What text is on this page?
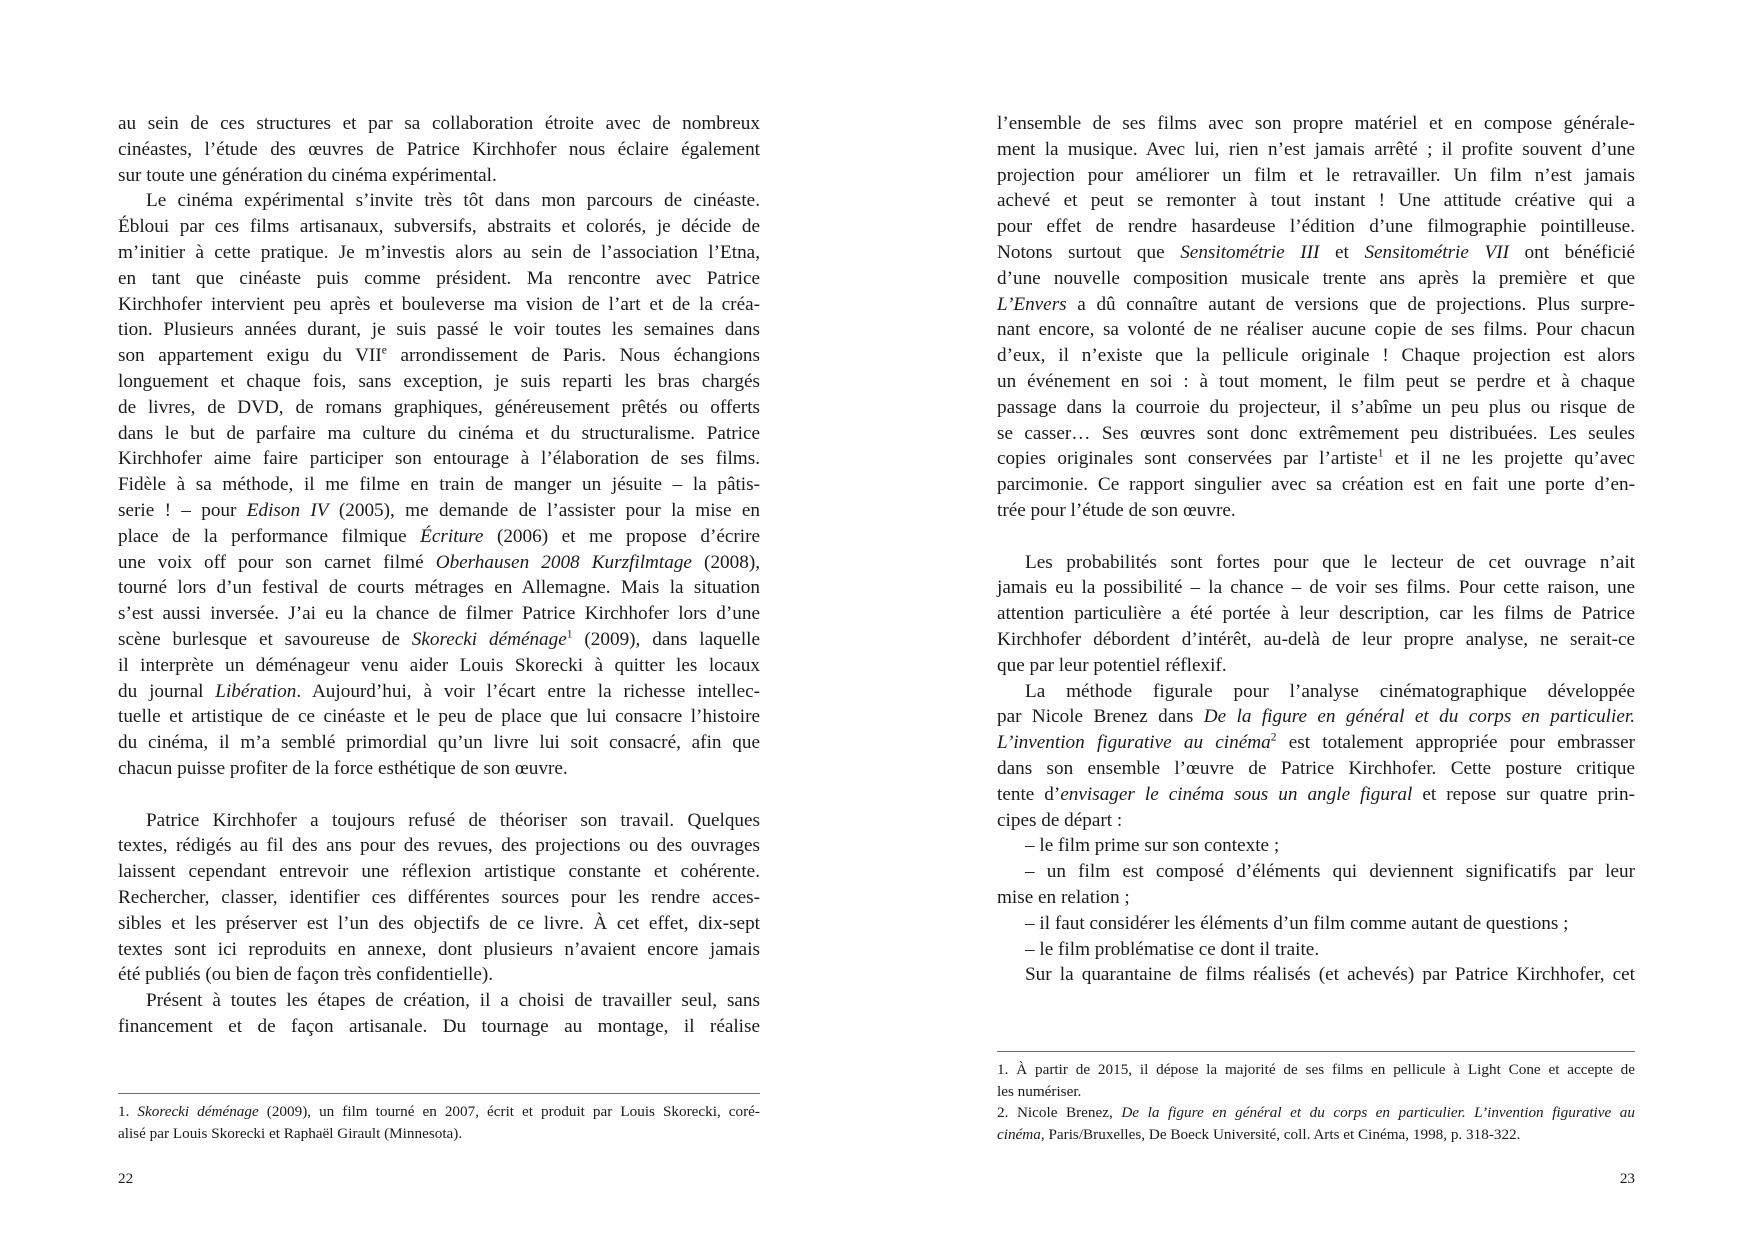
au sein de ces structures et par sa collaboration étroite avec de nombreux
cinéastes, l’étude des œuvres de Patrice Kirchhofer nous éclaire également
sur toute une génération du cinéma expérimental.
Le cinéma expérimental s’invite très tôt dans mon parcours de cinéaste.
Ébloui par ces films artisanaux, subversifs, abstraits et colorés, je décide de
m’initier à cette pratique. Je m’investis alors au sein de l’association l’Etna,
en tant que cinéaste puis comme président. Ma rencontre avec Patrice
Kirchhofer intervient peu après et bouleverse ma vision de l’art et de la créa-
tion. Plusieurs années durant, je suis passé le voir toutes les semaines dans
son appartement exigu du VIIe arrondissement de Paris. Nous échangions
longuement et chaque fois, sans exception, je suis reparti les bras chargés
de livres, de DVD, de romans graphiques, généreusement prêtés ou offerts
dans le but de parfaire ma culture du cinéma et du structuralisme. Patrice
Kirchhofer aime faire participer son entourage à l’élaboration de ses films.
Fidèle à sa méthode, il me filme en train de manger un jésuite – la pâtis-
serie ! – pour Edison IV (2005), me demande de l’assister pour la mise en
place de la performance filmique Écriture (2006) et me propose d’écrire
une voix off pour son carnet filmé Oberhausen 2008 Kurzfilmtage (2008),
tourné lors d’un festival de courts métrages en Allemagne. Mais la situation
s’est aussi inversée. J’ai eu la chance de filmer Patrice Kirchhofer lors d’une
scène burlesque et savoureuse de Skorecki déménage$^1$ (2009), dans laquelle
il interprète un déménageur venu aider Louis Skorecki à quitter les locaux
du journal Libération. Aujourd’hui, à voir l’écart entre la richesse intellec-
tuelle et artistique de ce cinéaste et le peu de place que lui consacre l’histoire
du cinéma, il m’a semblé primordial qu’un livre lui soit consacré, afin que
chacun puisse profiter de la force esthétique de son œuvre.
Patrice Kirchhofer a toujours refusé de théoriser son travail. Quelques
textes, rédigés au fil des ans pour des revues, des projections ou des ouvrages
laissent cependant entrevoir une réflexion artistique constante et cohérente.
Rechercher, classer, identifier ces différentes sources pour les rendre acces-
sibles et les préserver est l’un des objectifs de ce livre. À cet effet, dix-sept
textes sont ici reproduits en annexe, dont plusieurs n’avaient encore jamais
été publiés (ou bien de façon très confidentielle).
Présent à toutes les étapes de création, il a choisi de travailler seul, sans
financement et de façon artisanale. Du tournage au montage, il réalise
1. Skorecki déménage (2009), un film tourné en 2007, écrit et produit par Louis Skorecki, coré-
alisé par Louis Skorecki et Raphaël Girault (Minnesota).
22
l’ensemble de ses films avec son propre matériel et en compose générale-
ment la musique. Avec lui, rien n’est jamais arrêté ; il profite souvent d’une
projection pour améliorer un film et le retravailler. Un film n’est jamais
achevé et peut se remonter à tout instant ! Une attitude créative qui a
pour effet de rendre hasardeuse l’édition d’une filmographie pointilleuse.
Notons surtout que Sensitométrie III et Sensitométrie VII ont bénéficié
d’une nouvelle composition musicale trente ans après la première et que
L’Envers a dû connaître autant de versions que de projections. Plus surpre-
nant encore, sa volonté de ne réaliser aucune copie de ses films. Pour chacun
d’eux, il n’existe que la pellicule originale ! Chaque projection est alors
un événement en soi : à tout moment, le film peut se perdre et à chaque
passage dans la courroie du projecteur, il s’abîme un peu plus ou risque de
se casser… Ses œuvres sont donc extrêmement peu distribuées. Les seules
copies originales sont conservées par l’artiste$^1$ et il ne les projette qu’avec
parcimonie. Ce rapport singulier avec sa création est en fait une porte d’en-
trée pour l’étude de son œuvre.
Les probabilités sont fortes pour que le lecteur de cet ouvrage n’ait
jamais eu la possibilité – la chance – de voir ses films. Pour cette raison, une
attention particulière a été portée à leur description, car les films de Patrice
Kirchhofer débordent d’intérêt, au-delà de leur propre analyse, ne serait-ce
que par leur potentiel réflexif.
La méthode figurale pour l’analyse cinématographique développée
par Nicole Brenez dans De la figure en général et du corps en particulier.
L’invention figurative au cinéma$^2$ est totalement appropriée pour embrasser
dans son ensemble l’œuvre de Patrice Kirchhofer. Cette posture critique
tente d’envisager le cinéma sous un angle figural et repose sur quatre prin-
cipes de départ :
– le film prime sur son contexte ;
– un film est composé d’éléments qui deviennent significatifs par leur
mise en relation ;
– il faut considérer les éléments d’un film comme autant de questions ;
– le film problématise ce dont il traite.
Sur la quarantaine de films réalisés (et achevés) par Patrice Kirchhofer, cet
1. À partir de 2015, il dépose la majorité de ses films en pellicule à Light Cone et accepte de
les numériser.
2. Nicole Brenez, De la figure en général et du corps en particulier. L’invention figurative au
cinéma, Paris/Bruxelles, De Boeck Université, coll. Arts et Cinéma, 1998, p. 318-322.
23
